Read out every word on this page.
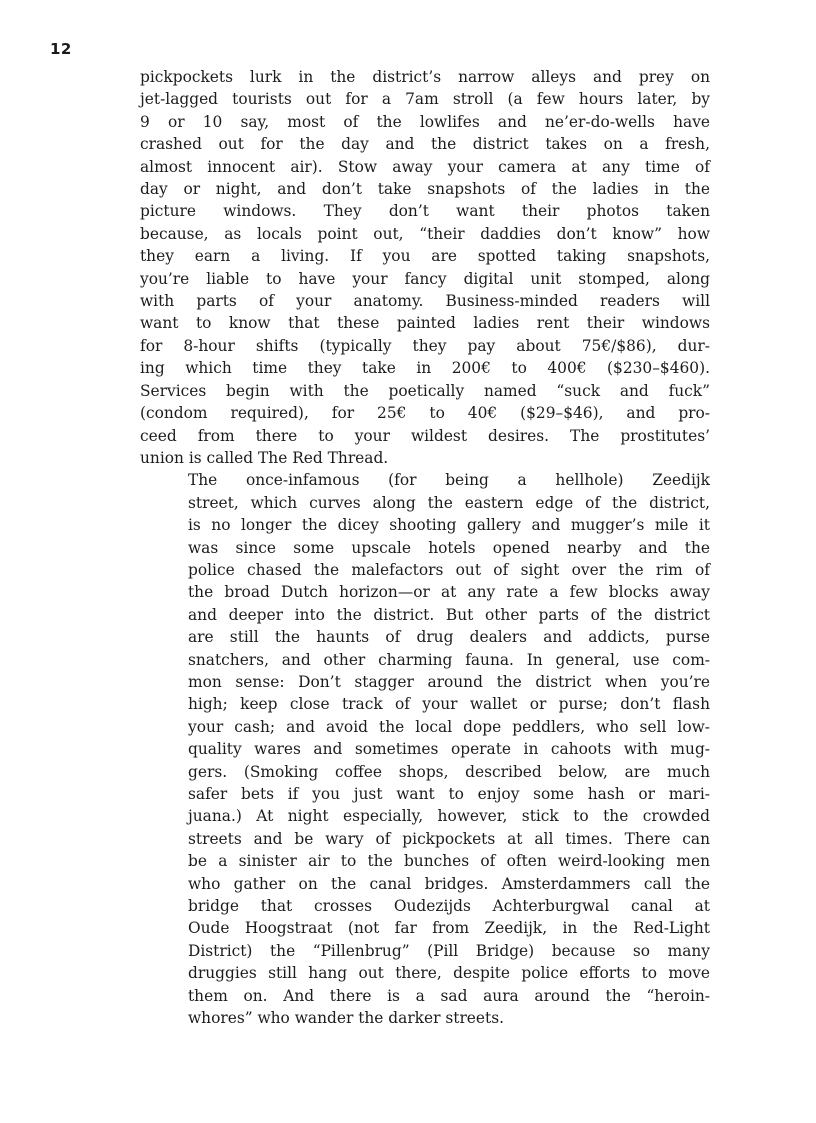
12

pickpockets lurk in the district’s narrow alleys and prey on
jet-lagged tourists out for a 7am stroll (a few hours later, by
9 or 10 say, most of the lowlifes and ne’er-do-wells have
crashed out for the day and the district takes on a fresh,
almost innocent air). Stow away your camera at any time of
day or night, and don’t take snapshots of the ladies in the
picture windows. They don’t want their photos taken
because, as locals point out, “their daddies don’t know” how
they earn a living. If you are spotted taking snapshots,
you’re liable to have your fancy digital unit stomped, along
with parts of your anatomy. Business-minded readers will
want to know that these painted ladies rent their windows
for 8-hour shifts (typically they pay about 75€/$86), dur-
ing which time they take in 200€ to 400€ ($230–$460).
Services begin with the poetically named “suck and fuck”
(condom required), for 25€ to 40€ ($29–$46), and pro-
ceed from there to your wildest desires. The prostitutes’
union is called The Red Thread.

The once-infamous (for being a hellhole) Zeedijk
street, which curves along the eastern edge of the district,
is no longer the dicey shooting gallery and mugger’s mile it
was since some upscale hotels opened nearby and the
police chased the malefactors out of sight over the rim of
the broad Dutch horizon—or at any rate a few blocks away
and deeper into the district. But other parts of the district
are still the haunts of drug dealers and addicts, purse
snatchers, and other charming fauna. In general, use com-
mon sense: Don’t stagger around the district when you’re
high; keep close track of your wallet or purse; don’t flash
your cash; and avoid the local dope peddlers, who sell low-
quality wares and sometimes operate in cahoots with mug-
gers. (Smoking coffee shops, described below, are much
safer bets if you just want to enjoy some hash or mari-
juana.) At night especially, however, stick to the crowded
streets and be wary of pickpockets at all times. There can
be a sinister air to the bunches of often weird-looking men
who gather on the canal bridges. Amsterdammers call the
bridge that crosses Oudezijds Achterburgwal canal at
Oude Hoogstraat (not far from Zeedijk, in the Red-Light
District) the “Pillenbrug” (Pill Bridge) because so many
druggies still hang out there, despite police efforts to move
them on. And there is a sad aura around the “heroin-
whores” who wander the darker streets.
